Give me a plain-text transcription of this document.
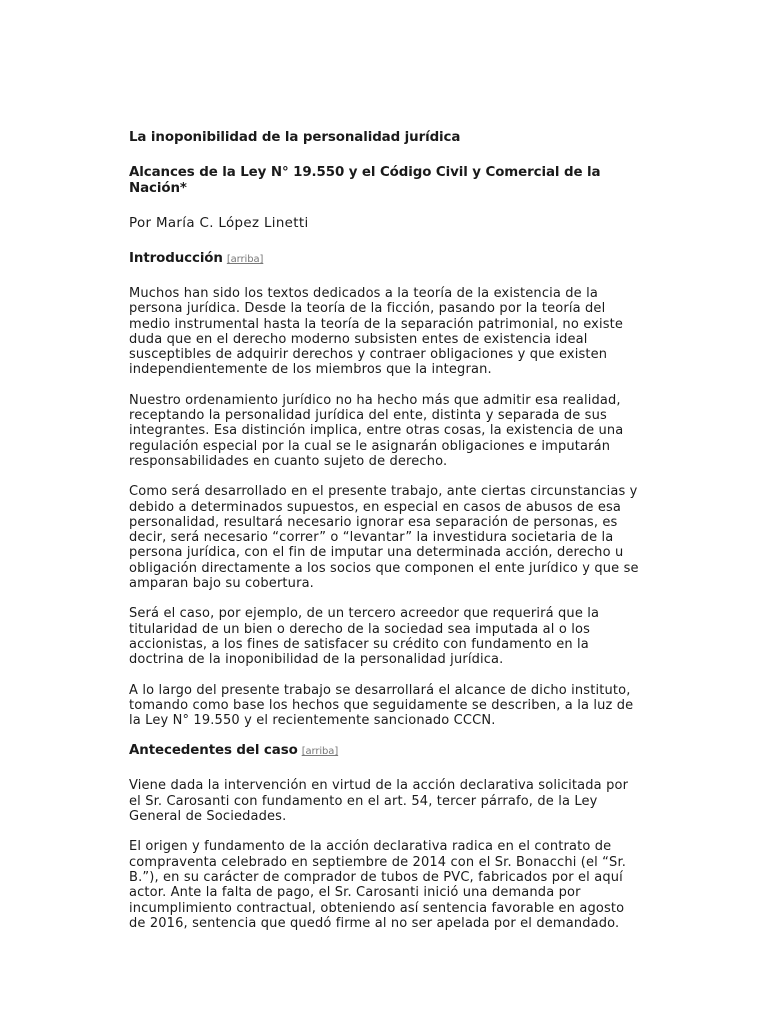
La inoponibilidad de la personalidad jurídica
Alcances de la Ley N° 19.550 y el Código Civil y Comercial de la Nación*
Por María C. López Linetti
Introducción [arriba]

Muchos han sido los textos dedicados a la teoría de la existencia de la persona jurídica. Desde la teoría de la ficción, pasando por la teoría del medio instrumental hasta la teoría de la separación patrimonial, no existe duda que en el derecho moderno subsisten entes de existencia ideal susceptibles de adquirir derechos y contraer obligaciones y que existen independientemente de los miembros que la integran.

Nuestro ordenamiento jurídico no ha hecho más que admitir esa realidad, receptando la personalidad jurídica del ente, distinta y separada de sus integrantes. Esa distinción implica, entre otras cosas, la existencia de una regulación especial por la cual se le asignarán obligaciones e imputarán responsabilidades en cuanto sujeto de derecho.

Como será desarrollado en el presente trabajo, ante ciertas circunstancias y debido a determinados supuestos, en especial en casos de abusos de esa personalidad, resultará necesario ignorar esa separación de personas, es decir, será necesario “correr” o “levantar” la investidura societaria de la persona jurídica, con el fin de imputar una determinada acción, derecho u obligación directamente a los socios que componen el ente jurídico y que se amparan bajo su cobertura.

Será el caso, por ejemplo, de un tercero acreedor que requerirá que la titularidad de un bien o derecho de la sociedad sea imputada al o los accionistas, a los fines de satisfacer su crédito con fundamento en la doctrina de la inoponibilidad de la personalidad jurídica.

A lo largo del presente trabajo se desarrollará el alcance de dicho instituto, tomando como base los hechos que seguidamente se describen, a la luz de la Ley N° 19.550 y el recientemente sancionado CCCN.

Antecedentes del caso [arriba]

Viene dada la intervención en virtud de la acción declarativa solicitada por el Sr. Carosanti con fundamento en el art. 54, tercer párrafo, de la Ley General de Sociedades.

El origen y fundamento de la acción declarativa radica en el contrato de compraventa celebrado en septiembre de 2014 con el Sr. Bonacchi (el “Sr. B.”), en su carácter de comprador de tubos de PVC, fabricados por el aquí actor. Ante la falta de pago, el Sr. Carosanti inició una demanda por incumplimiento contractual, obteniendo así sentencia favorable en agosto de 2016, sentencia que quedó firme al no ser apelada por el demandado.
